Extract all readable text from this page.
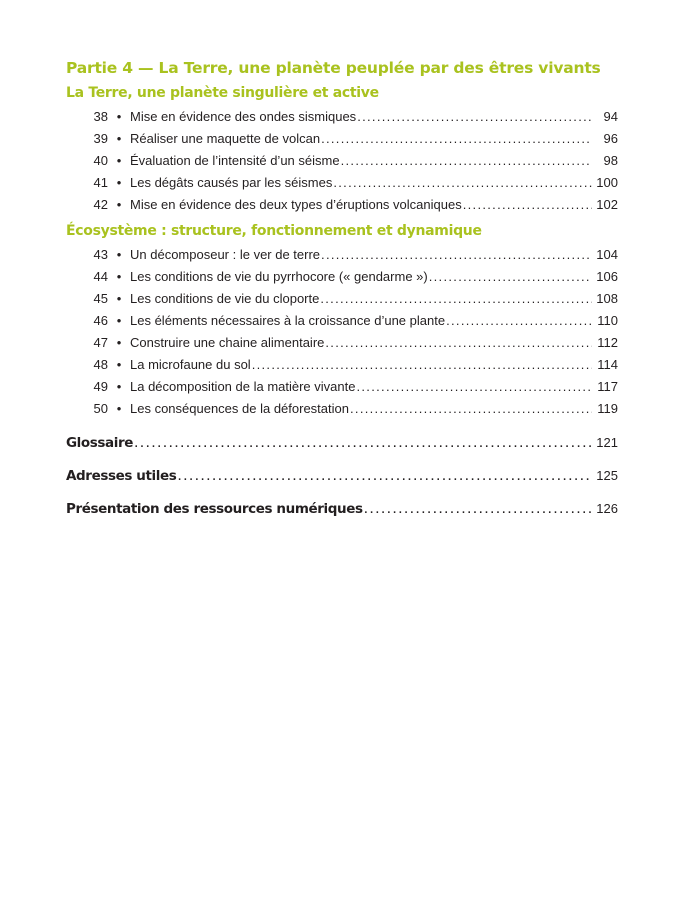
Partie 4 — La Terre, une planète peuplée par des êtres vivants
La Terre, une planète singulière et active
38 • Mise en évidence des ondes sismiques .....	94
39 • Réaliser une maquette de volcan .....	96
40 • Évaluation de l’intensité d’un séisme .....	98
41 • Les dégâts causés par les séismes .....	100
42 • Mise en évidence des deux types d’éruptions volcaniques .....	102
Écosystème : structure, fonctionnement et dynamique
43 • Un décomposeur : le ver de terre .....	104
44 • Les conditions de vie du pyrrhocore (« gendarme ») .....	106
45 • Les conditions de vie du cloporte .....	108
46 • Les éléments nécessaires à la croissance d’une plante .....	110
47 • Construire une chaine alimentaire .....	112
48 • La microfaune du sol .....	114
49 • La décomposition de la matière vivante .....	117
50 • Les conséquences de la déforestation .....	119
Glossaire .....	121
Adresses utiles .....	125
Présentation des ressources numériques .....	126
